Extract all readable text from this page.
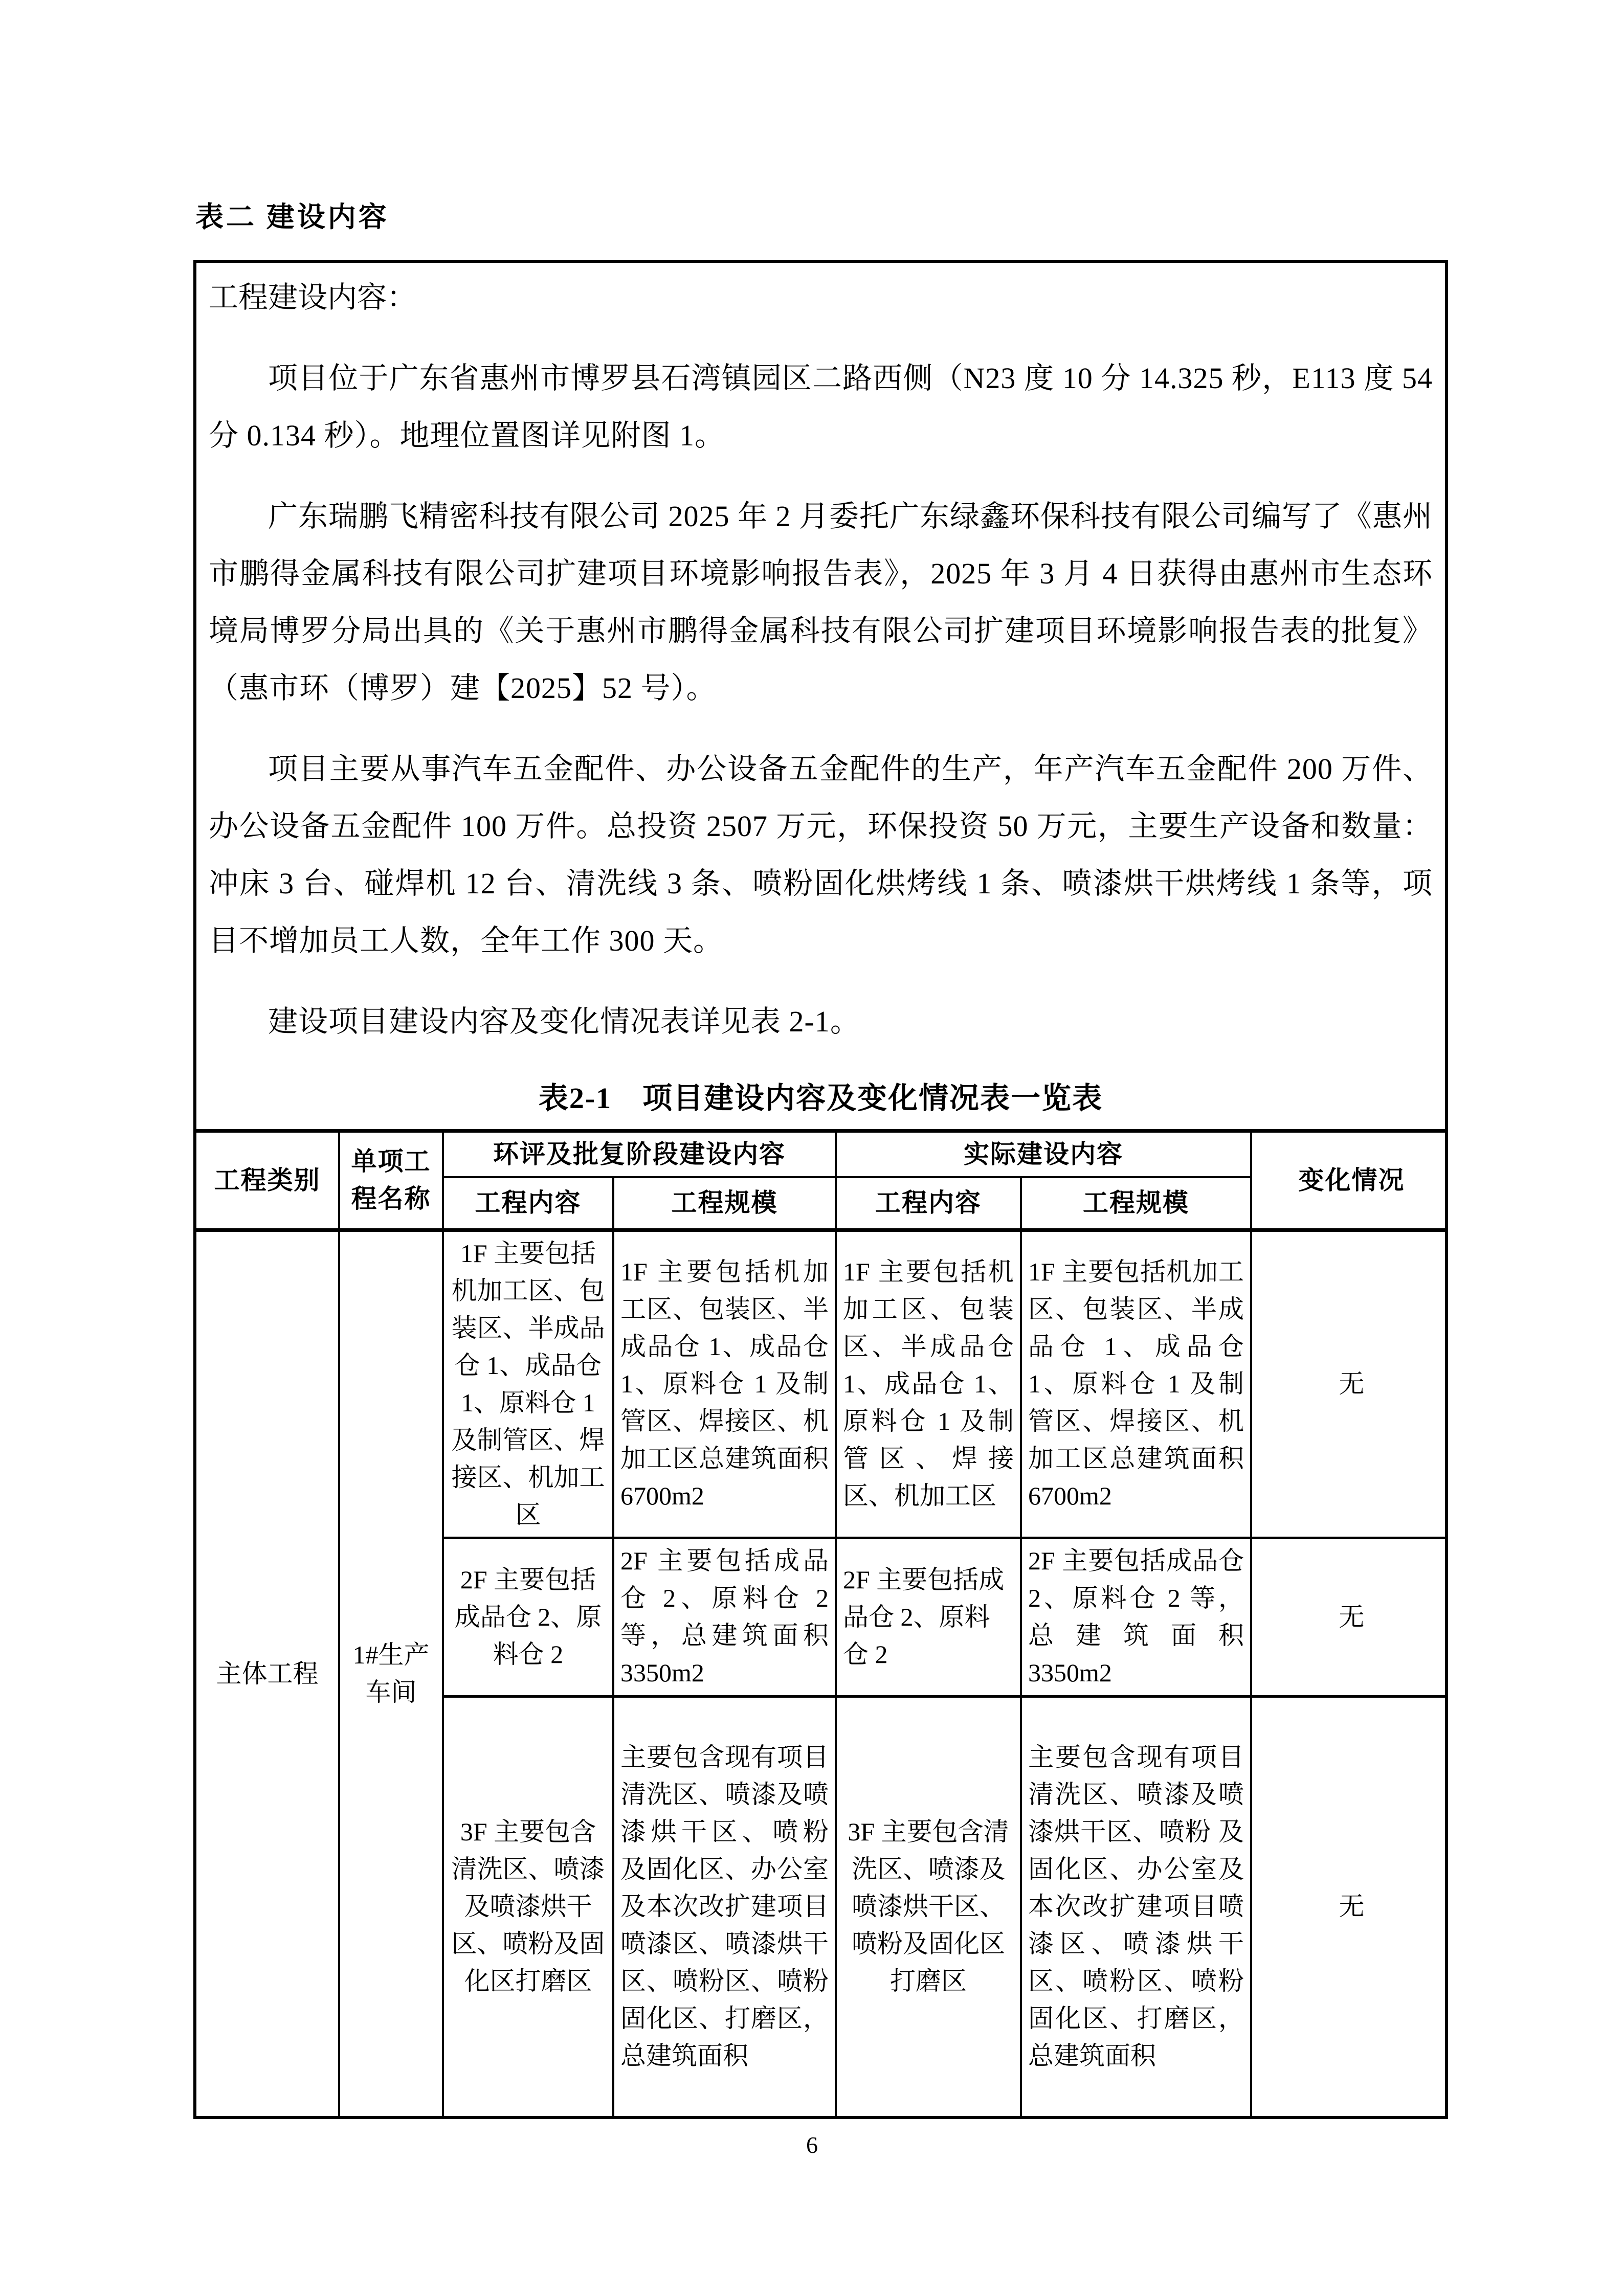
表二 建设内容
工程建设内容：

项目位于广东省惠州市博罗县石湾镇园区二路西侧（N23 度 10 分 14.325 秒，E113 度 54 分 0.134 秒）。地理位置图详见附图 1。

广东瑞鹏飞精密科技有限公司 2025 年 2 月委托广东绿鑫环保科技有限公司编写了《惠州市鹏得金属科技有限公司扩建项目环境影响报告表》，2025 年 3 月 4 日获得由惠州市生态环境局博罗分局出具的《关于惠州市鹏得金属科技有限公司扩建项目环境影响报告表的批复》（惠市环（博罗）建【2025】52 号）。

项目主要从事汽车五金配件、办公设备五金配件的生产，年产汽车五金配件 200 万件、办公设备五金配件 100 万件。总投资 2507 万元，环保投资 50 万元，主要生产设备和数量：冲床 3 台、碰焊机 12 台、清洗线 3 条、喷粉固化烘烤线 1 条、喷漆烘干烘烤线 1 条等，项目不增加员工人数，全年工作 300 天。

建设项目建设内容及变化情况表详见表 2-1。

表2-1　项目建设内容及变化情况表一览表
工程类别	单项工程名称	环评及批复阶段建设内容		实际建设内容		变化情况
		工程内容	工程规模	工程内容	工程规模	
主体工程	1#生产车间	1F 主要包括机加工区、包装区、半成品仓 1、成品仓 1、原料仓 1 及制管区、焊接区、机加工区	1F 主要包括机加工区、包装区、半成品仓 1、成品仓 1、原料仓 1 及制管区、焊接区、机加工区总建筑面积 6700m2	1F 主要包括机加工区、包装区、半成品仓 1、成品仓 1、原料仓 1 及制管区、焊接区、机加工区	1F 主要包括机加工区、包装区、半成品仓 1、成品仓 1、原料仓 1 及制管区、焊接区、机加工区总建筑面积 6700m2	无
		2F 主要包括成品仓 2、原料仓 2	2F 主要包括成品仓 2、原料仓 2 等，总建筑面积 3350m2	2F 主要包括成品仓 2、原料仓 2	2F 主要包括成品仓 2、原料仓 2 等，总建筑面积 3350m2	无
		3F 主要包含清洗区、喷漆及喷漆烘干区、喷粉及固化区打磨区	主要包含现有项目清洗区、喷漆及喷漆烘干区、喷粉 及固化区、办公室及本次改扩建项目喷漆区、喷漆烘干区、喷粉区、喷粉固化区、打磨区，总建筑面积	3F 主要包含清洗区、喷漆及喷漆烘干区、喷粉及固化区打磨区	主要包含现有项目清洗区、喷漆及喷漆烘干区、喷粉 及固化区、办公室及本次改扩建项目喷漆区、喷漆烘干区、喷粉区、喷粉固化区、打磨区，总建筑面积	无
6
